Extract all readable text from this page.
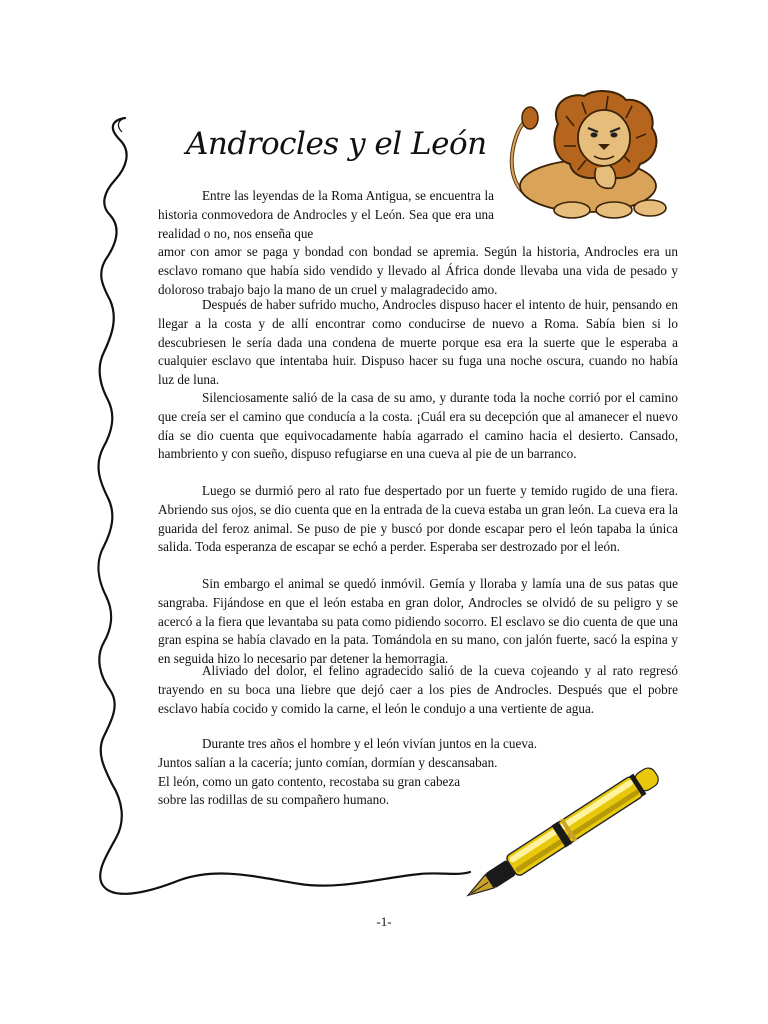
Androcles y el León
Entre las leyendas de la Roma Antigua, se encuentra la historia conmovedora de Androcles y el León. Sea que era una realidad o no, nos enseña que
amor con amor se paga y bondad con bondad se apremia. Según la historia, Androcles era un esclavo romano que había sido vendido y llevado al África donde llevaba una vida de pesado y doloroso trabajo bajo la mano de un cruel y malagradecido amo.

Después de haber sufrido mucho, Androcles dispuso hacer el intento de huir, pensando en llegar a la costa y de allí encontrar como conducirse de nuevo a Roma. Sabía bien si lo descubriesen le sería dada una condena de muerte porque esa era la suerte que le esperaba a cualquier esclavo que intentaba huir. Dispuso hacer su fuga una noche oscura, cuando no había luz de luna.

Silenciosamente salió de la casa de su amo, y durante toda la noche corrió por el camino que creía ser el camino que conducía a la costa. ¡Cuál era su decepción que al amanecer el nuevo día se dio cuenta que equivocadamente había agarrado el camino hacia el desierto. Cansado, hambriento y con sueño, dispuso refugiarse en una cueva al pie de un barranco.

Luego se durmió pero al rato fue despertado por un fuerte y temido rugido de una fiera. Abriendo sus ojos, se dio cuenta que en la entrada de la cueva estaba un gran león. La cueva era la guarida del feroz animal. Se puso de pie y buscó por donde escapar pero el león tapaba la única salida. Toda esperanza de escapar se echó a perder. Esperaba ser destrozado por el león.

Sin embargo el animal se quedó inmóvil. Gemía y lloraba y lamía una de sus patas que sangraba. Fijándose en que el león estaba en gran dolor, Androcles se olvidó de su peligro y se acercó a la fiera que levantaba su pata como pidiendo socorro. El esclavo se dio cuenta de que una gran espina se había clavado en la pata. Tomándola en su mano, con jalón fuerte, sacó la espina y en seguida hizo lo necesario par detener la hemorragia.

Aliviado del dolor, el felino agradecido salió de la cueva cojeando y al rato regresó trayendo en su boca una liebre que dejó caer a los pies de Androcles. Después que el pobre esclavo había cocido y comido la carne, el león le condujo a una vertiente de agua.

Durante tres años el hombre y el león vivían juntos en la cueva.
Juntos salían a la cacería; junto comían, dormían y descansaban.
El león, como un gato contento, recostaba su gran cabeza
sobre las rodillas de su compañero humano.
-1-
